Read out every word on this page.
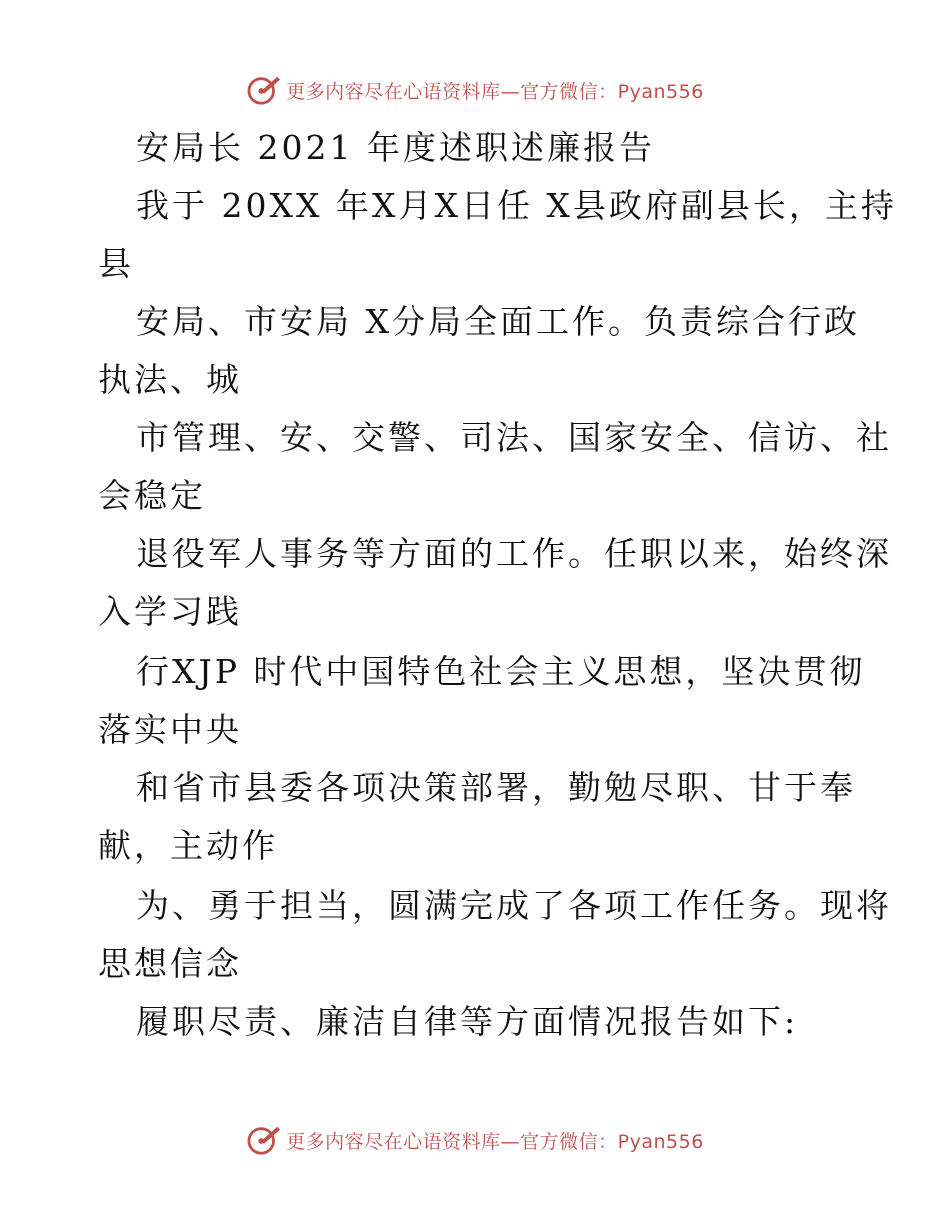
更多内容尽在心语资料库—官方微信：Pyan556
安局长 2021 年度述职述廉报告
我于 20XX 年X月X日任 X县政府副县长，主持
县
安局、市安局 X分局全面工作。负责综合行政
执法、城
市管理、安、交警、司法、国家安全、信访、社
会稳定
退役军人事务等方面的工作。任职以来，始终深
入学习践
行XJP 时代中国特色社会主义思想，坚决贯彻
落实中央
和省市县委各项决策部署，勤勉尽职、甘于奉
献，主动作
为、勇于担当，圆满完成了各项工作任务。现将
思想信念
履职尽责、廉洁自律等方面情况报告如下:
更多内容尽在心语资料库—官方微信：Pyan556
